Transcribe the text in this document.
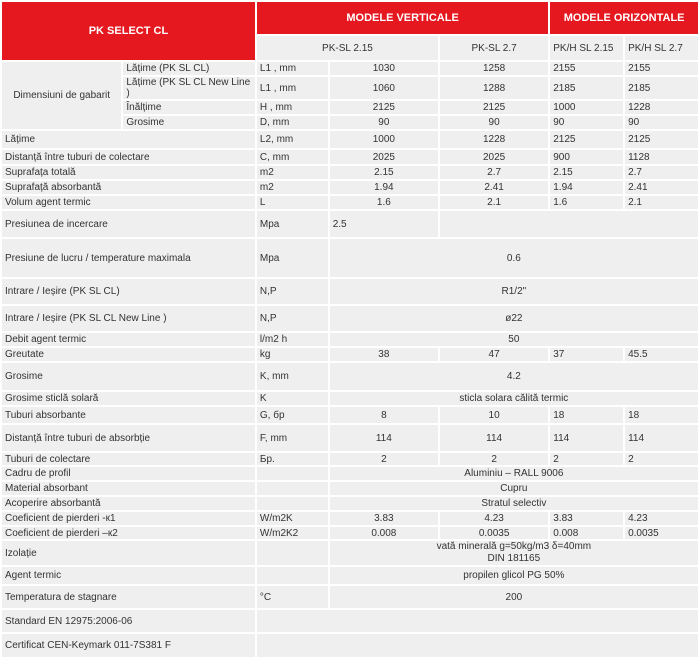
PK SELECT CL		MODELE VERTICALE			MODELE ORIZONTALE	
		PK-SL 2.15		PK-SL 2.7	PK/H SL 2.15	PK/H SL 2.7
Dimensiuni de gabarit	Lățime (PK SL CL)	L1 , mm	1030	1258	2155	2155
	Lățime (PK SL CL New Line )	L1 , mm	1060	1288	2185	2185
	Înălțime	H , mm	2125	2125	1000	1228
	Grosime	D, mm	90	90	90	90
Lățime		L2, mm	1000	1228	2125	2125
Distanță între tuburi de colectare		C, mm	2025	2025	900	1128
Suprafața totală		m2	2.15	2.7	2.15	2.7
Suprafață absorbantă		m2	1.94	2.41	1.94	2.41
Volum agent termic		L	1.6	2.1	1.6	2.1
Presiunea de incercare		Mpa	2.5			
Presiune de lucru / temperature maximala		Mpa	0.6			
Intrare / Ieșire (PK SL CL)		N,P	R1/2"			
Intrare / Ieșire (PK SL CL New Line )		N,P	ø22			
Debit agent termic		l/m2 h	50			
Greutate		kg	38	47	37	45.5
Grosime		K, mm	4.2			
Grosime sticlă solară		K	sticla solara călită termic			
Tuburi absorbante		G, бр	8	10	18	18
Distanță între tuburi de absorbție		F, mm	114	114	114	114
Tuburi de colectare		Бр.	2	2	2	2
Cadru de profil			Aluminiu – RALL 9006			
Material absorbant			Cupru			
Acoperire absorbantă			Stratul selectiv			
Coeficient de pierderi -к1		W/m2K	3.83	4.23	3.83	4.23
Coeficient de pierderi –к2		W/m2K2	0.008	0.0035	0.008	0.0035
Izolație			vată minerală g=50kg/m3 δ=40mm
DIN 181165			

Agent termic			propilen glicol PG 50%			
Temperatura de stagnare		°C	200			
Standard EN 12975:2006-06						
Certificat CEN-Keymark 011-7S381 F						
